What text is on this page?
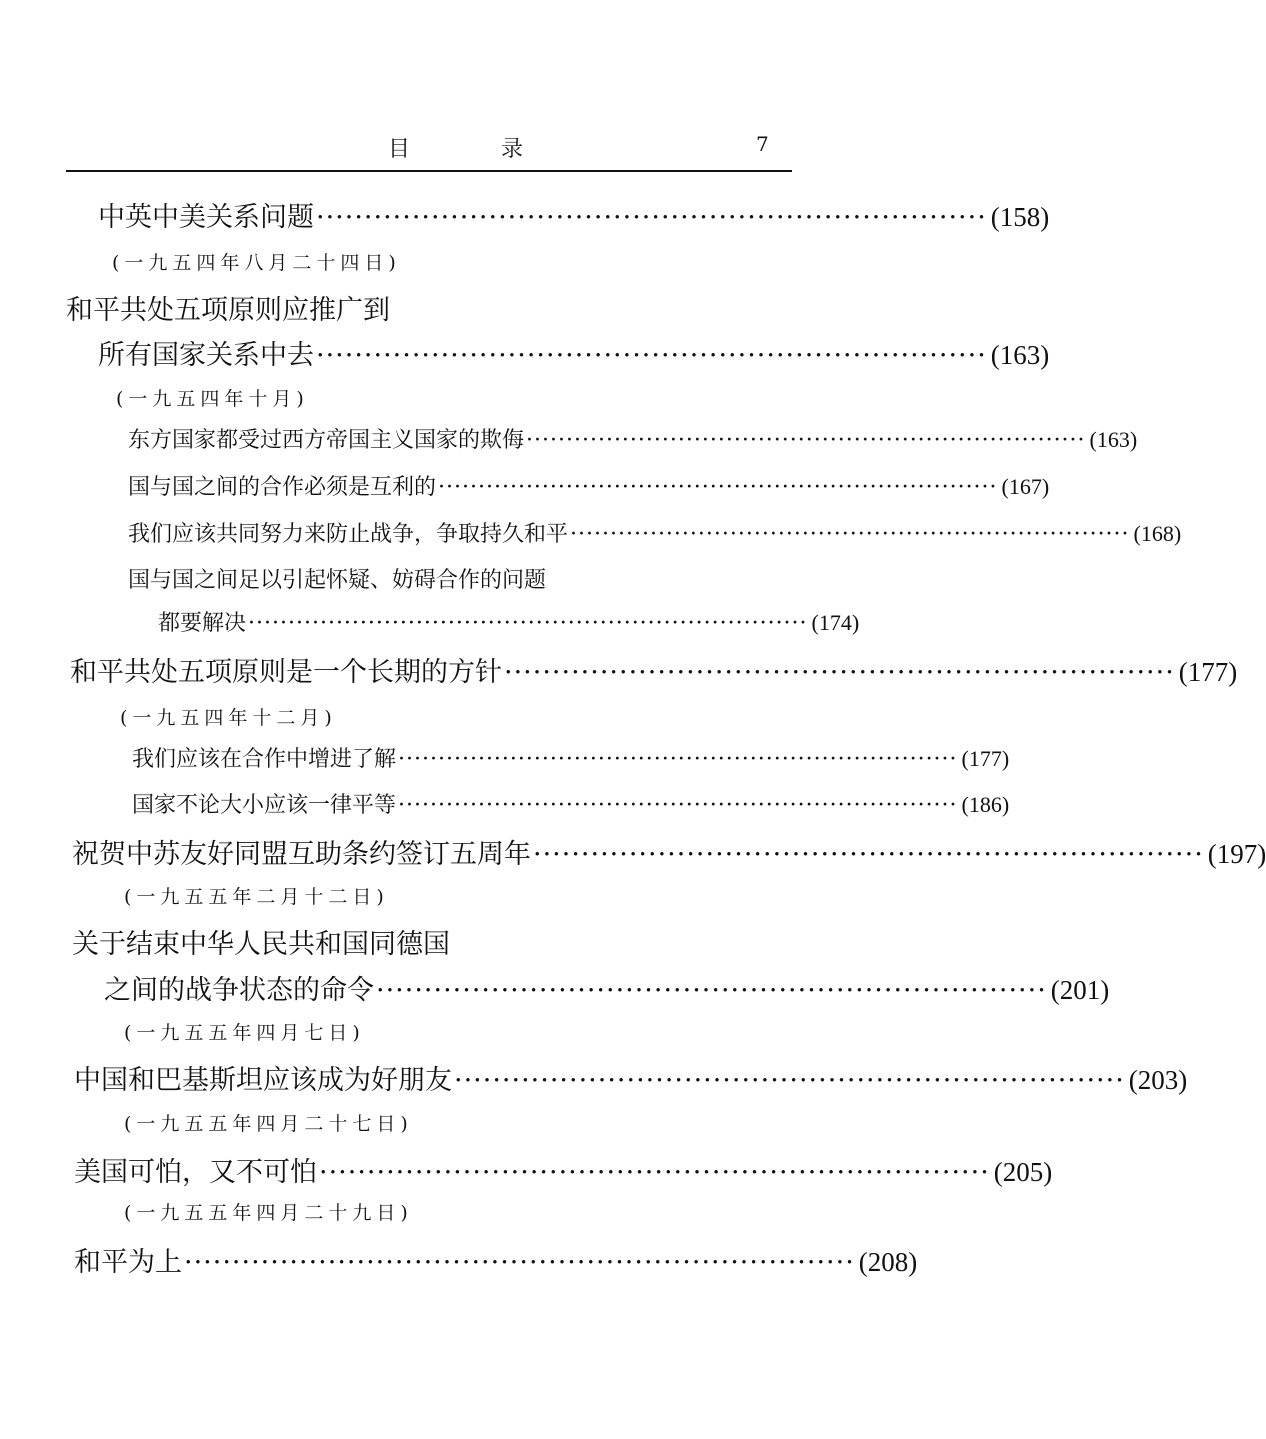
目 录	7
中英中美关系问题 ······································································ (158)
(一九五四年八月二十四日)
和平共处五项原则应推广到
所有国家关系中去 ······································································ (163)
(一九五四年十月)
东方国家都受过西方帝国主义国家的欺侮 ······································································ (163)
国与国之间的合作必须是互利的 ······································································ (167)
我们应该共同努力来防止战争，争取持久和平 ······································································ (168)
国与国之间足以引起怀疑、妨碍合作的问题
都要解决 ······································································ (174)
和平共处五项原则是一个长期的方针 ······································································ (177)
(一九五四年十二月)
我们应该在合作中增进了解 ······································································ (177)
国家不论大小应该一律平等 ······································································ (186)
祝贺中苏友好同盟互助条约签订五周年 ······································································ (197)
(一九五五年二月十二日)
关于结束中华人民共和国同德国
之间的战争状态的命令 ······································································ (201)
(一九五五年四月七日)
中国和巴基斯坦应该成为好朋友 ······································································ (203)
(一九五五年四月二十七日)
美国可怕，又不可怕 ······································································ (205)
(一九五五年四月二十九日)
和平为上 ······································································ (208)
